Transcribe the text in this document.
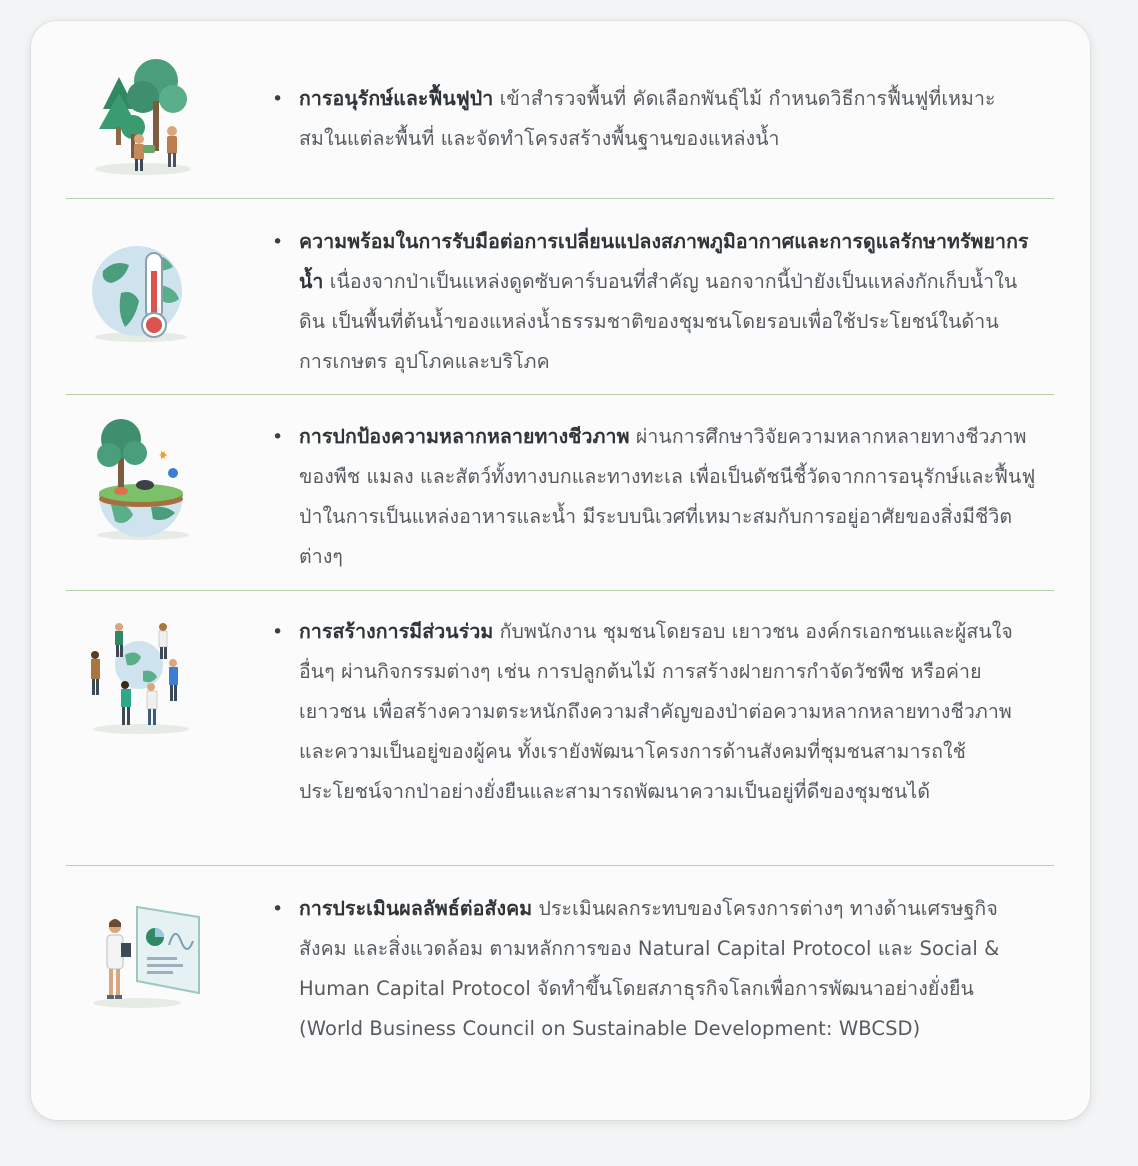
• การอนุรักษ์และฟื้นฟูป่า เข้าสำรวจพื้นที่ คัดเลือกพันธุ์ไม้ กำหนดวิธีการฟื้นฟูที่เหมาะสมในแต่ละพื้นที่ และจัดทำโครงสร้างพื้นฐานของแหล่งน้ำ
• ความพร้อมในการรับมือต่อการเปลี่ยนแปลงสภาพภูมิอากาศและการดูแลรักษาทรัพยากรน้ำ เนื่องจากป่าเป็นแหล่งดูดซับคาร์บอนที่สำคัญ นอกจากนี้ป่ายังเป็นแหล่งกักเก็บน้ำในดิน เป็นพื้นที่ต้นน้ำของแหล่งน้ำธรรมชาติของชุมชนโดยรอบเพื่อใช้ประโยชน์ในด้านการเกษตร อุปโภคและบริโภค
• การปกป้องความหลากหลายทางชีวภาพ ผ่านการศึกษาวิจัยความหลากหลายทางชีวภาพของพืช แมลง และสัตว์ทั้งทางบกและทางทะเล เพื่อเป็นดัชนีชี้วัดจากการอนุรักษ์และฟื้นฟูป่าในการเป็นแหล่งอาหารและน้ำ มีระบบนิเวศที่เหมาะสมกับการอยู่อาศัยของสิ่งมีชีวิตต่างๆ
• การสร้างการมีส่วนร่วม กับพนักงาน ชุมชนโดยรอบ เยาวชน องค์กรเอกชนและผู้สนใจอื่นๆ ผ่านกิจกรรมต่างๆ เช่น การปลูกต้นไม้ การสร้างฝายการกำจัดวัชพืช หรือค่ายเยาวชน เพื่อสร้างความตระหนักถึงความสำคัญของป่าต่อความหลากหลายทางชีวภาพและความเป็นอยู่ของผู้คน ทั้งเรายังพัฒนาโครงการด้านสังคมที่ชุมชนสามารถใช้ประโยชน์จากป่าอย่างยั่งยืนและสามารถพัฒนาความเป็นอยู่ที่ดีของชุมชนได้
• การประเมินผลลัพธ์ต่อสังคม ประเมินผลกระทบของโครงการต่างๆ ทางด้านเศรษฐกิจ สังคม และสิ่งแวดล้อม ตามหลักการของ Natural Capital Protocol และ Social & Human Capital Protocol จัดทำขึ้นโดยสภาธุรกิจโลกเพื่อการพัฒนาอย่างยั่งยืน (World Business Council on Sustainable Development: WBCSD)
